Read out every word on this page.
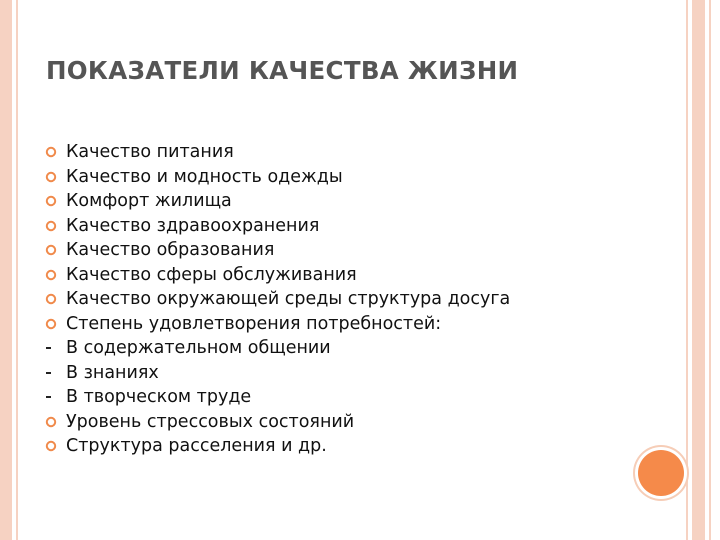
ПОКАЗАТЕЛИ КАЧЕСТВА ЖИЗНИ
Качество питания
Качество и модность одежды
Комфорт жилища
Качество здравоохранения
Качество образования
Качество сферы обслуживания
Качество окружающей среды структура досуга
Степень удовлетворения потребностей:
В содержательном общении
В знаниях
В творческом труде
Уровень стрессовых состояний
Структура расселения и др.
